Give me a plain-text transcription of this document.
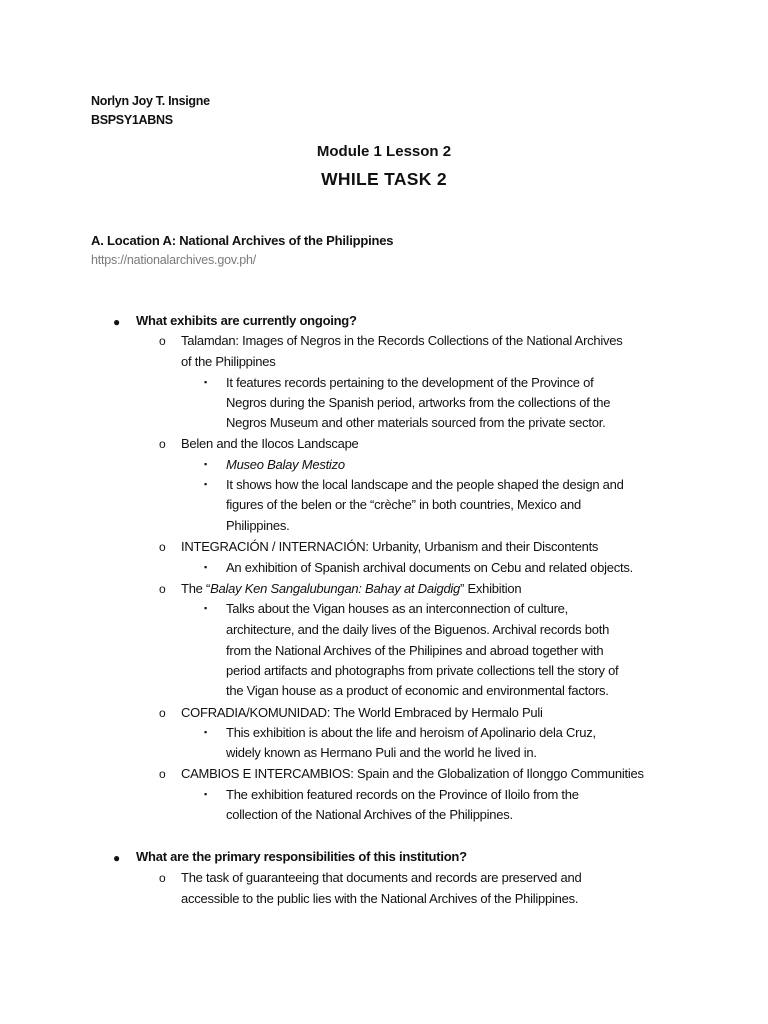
Norlyn Joy T. Insigne
BSPSY1ABNS
Module 1 Lesson 2
WHILE TASK 2
A. Location A: National Archives of the Philippines
https://nationalarchives.gov.ph/
● What exhibits are currently ongoing?
o Talamdan: Images of Negros in the Records Collections of the National Archives
of the Philippines
▪ It features records pertaining to the development of the Province of
Negros during the Spanish period, artworks from the collections of the
Negros Museum and other materials sourced from the private sector.
o Belen and the Ilocos Landscape
▪ Museo Balay Mestizo
▪ It shows how the local landscape and the people shaped the design and
figures of the belen or the “crèche” in both countries, Mexico and
Philippines.
o INTEGRACIÓN / INTERNACIÓN: Urbanity, Urbanism and their Discontents
▪ An exhibition of Spanish archival documents on Cebu and related objects.
o The “Balay Ken Sangalubungan: Bahay at Daigdig” Exhibition
▪ Talks about the Vigan houses as an interconnection of culture,
architecture, and the daily lives of the Biguenos. Archival records both
from the National Archives of the Philipines and abroad together with
period artifacts and photographs from private collections tell the story of
the Vigan house as a product of economic and environmental factors.
o COFRADIA/KOMUNIDAD: The World Embraced by Hermalo Puli
▪ This exhibition is about the life and heroism of Apolinario dela Cruz,
widely known as Hermano Puli and the world he lived in.
o CAMBIOS E INTERCAMBIOS: Spain and the Globalization of Ilonggo Communities
▪ The exhibition featured records on the Province of Iloilo from the
collection of the National Archives of the Philippines.
● What are the primary responsibilities of this institution?
o The task of guaranteeing that documents and records are preserved and
accessible to the public lies with the National Archives of the Philippines.
